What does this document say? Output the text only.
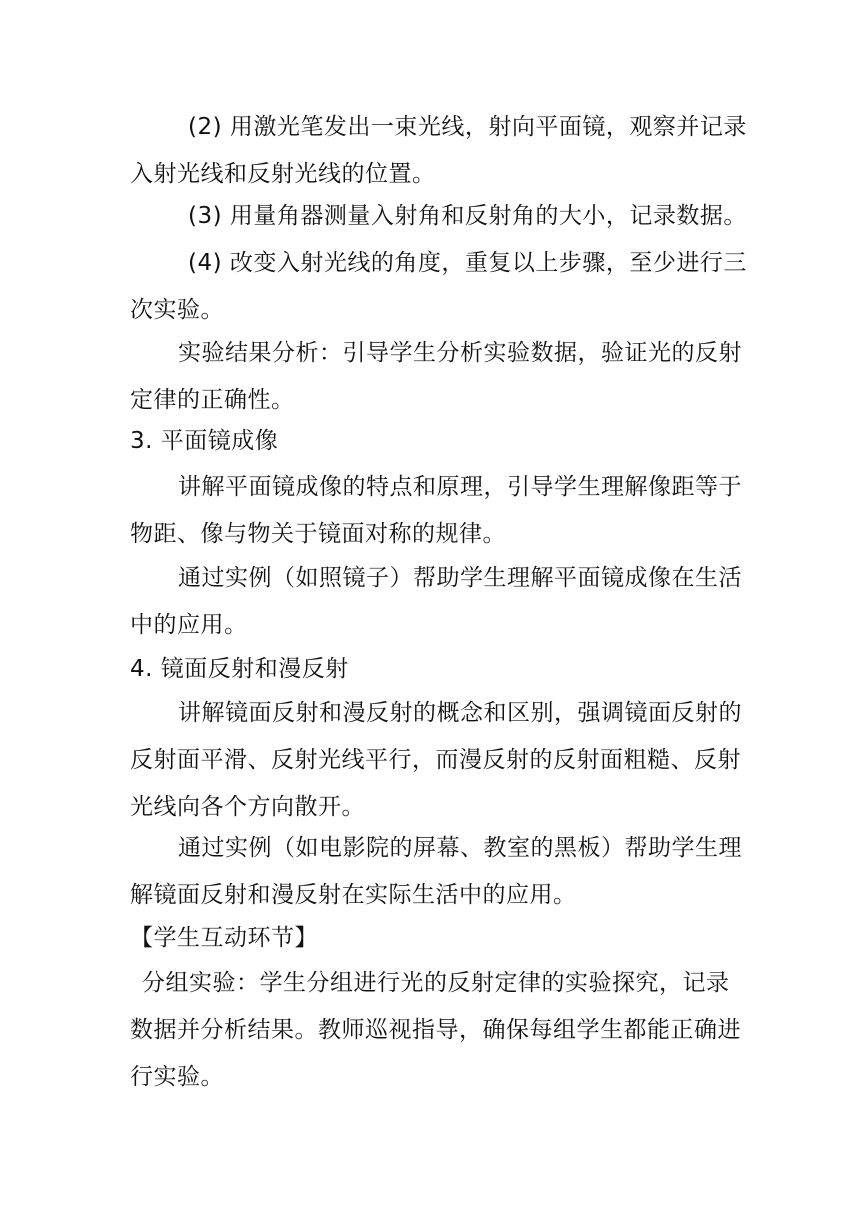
(2) 用激光笔发出一束光线，射向平面镜，观察并记录
入射光线和反射光线的位置。
(3) 用量角器测量入射角和反射角的大小，记录数据。
(4) 改变入射光线的角度，重复以上步骤，至少进行三
次实验。
实验结果分析：引导学生分析实验数据，验证光的反射
定律的正确性。
3. 平面镜成像
讲解平面镜成像的特点和原理，引导学生理解像距等于
物距、像与物关于镜面对称的规律。
通过实例（如照镜子）帮助学生理解平面镜成像在生活
中的应用。
4. 镜面反射和漫反射
讲解镜面反射和漫反射的概念和区别，强调镜面反射的
反射面平滑、反射光线平行，而漫反射的反射面粗糙、反射
光线向各个方向散开。
通过实例（如电影院的屏幕、教室的黑板）帮助学生理
解镜面反射和漫反射在实际生活中的应用。
【学生互动环节】
分组实验：学生分组进行光的反射定律的实验探究，记录
数据并分析结果。教师巡视指导，确保每组学生都能正确进
行实验。
